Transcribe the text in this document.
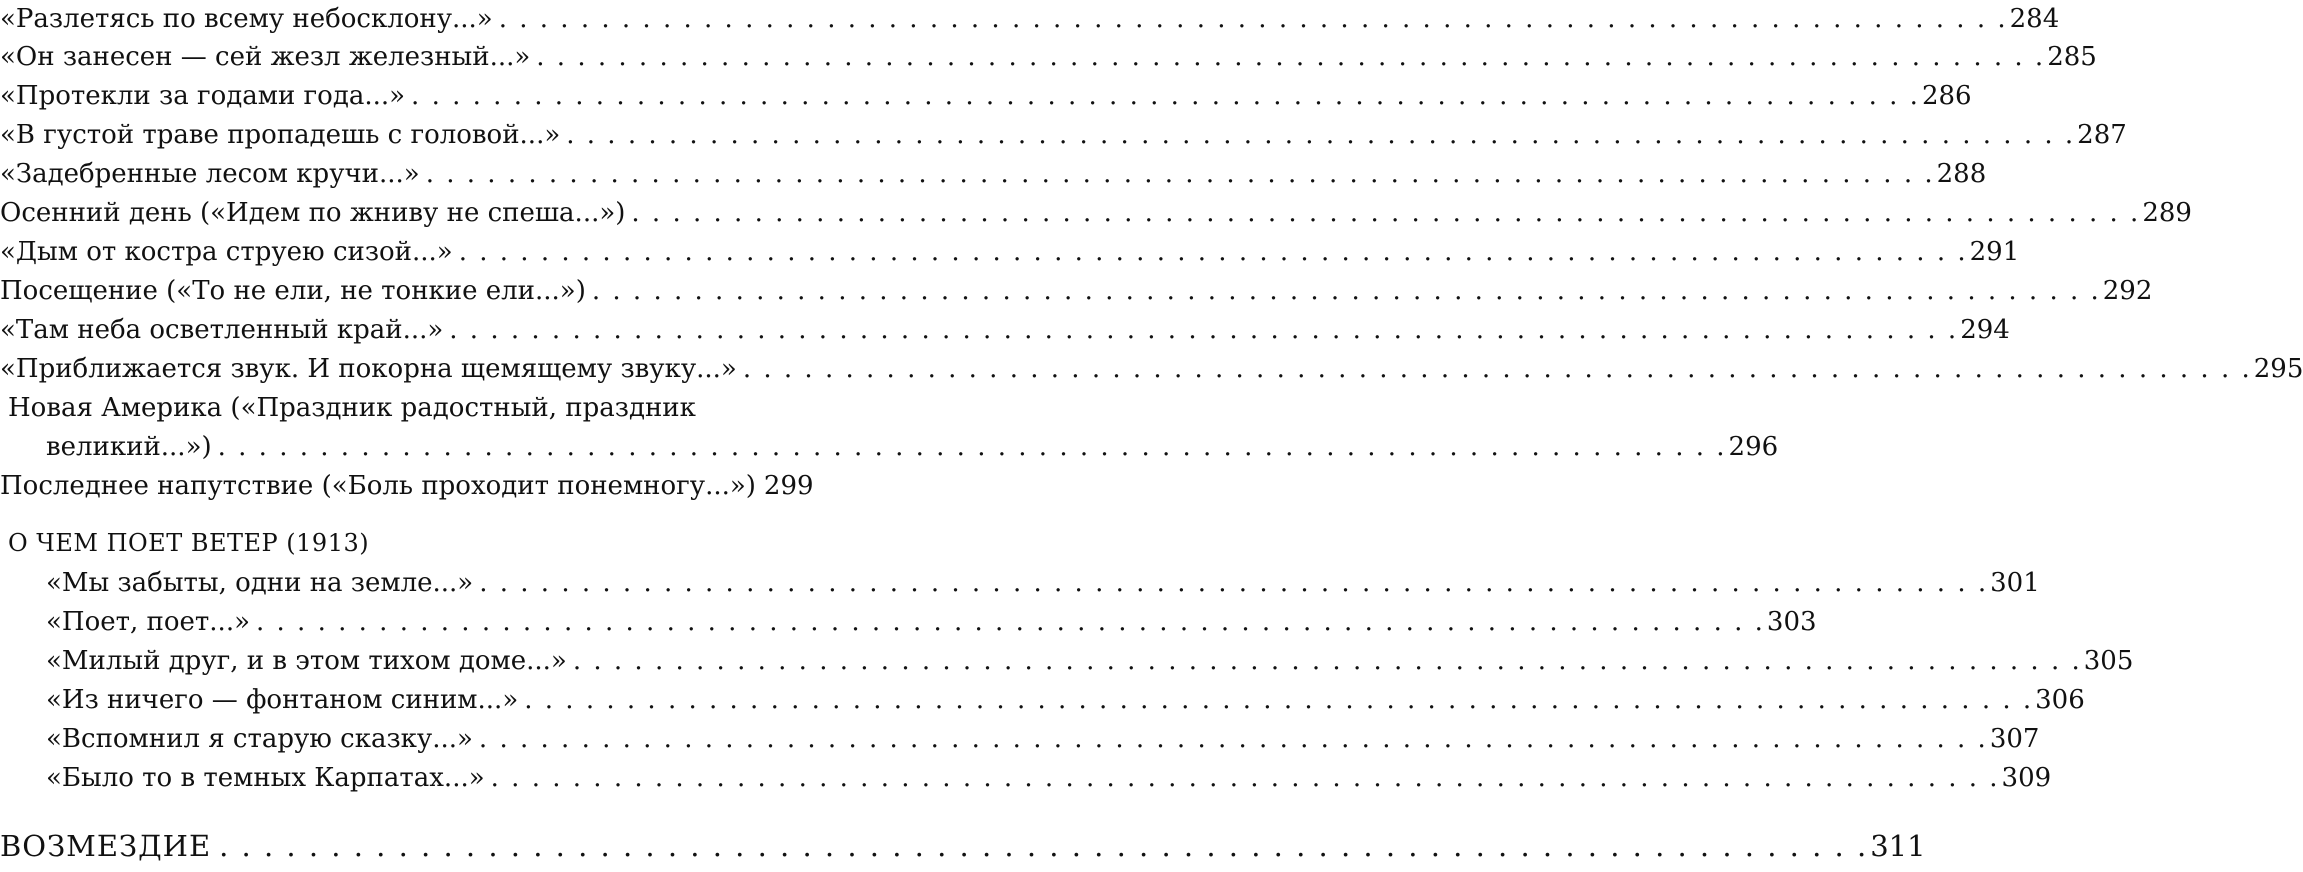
«Разлетясь по всему небосклону...» . . . . . . . . . . . . . . . . . . . . . . . . . . . . . . . . . . . . . . . . . . . . . . . . . . . . . . . . . . . . . . . . . . . . . . . . . . 284
«Он занесен — сей жезл железный...» . . . . . . . . . . . . . . . . . . . . . . . . . . . . . . . . . . . . . . . . . . . . . . . . . . . . . . . . . . . . . . . . . . . . . . . . . . 285
«Протекли за годами года...» . . . . . . . . . . . . . . . . . . . . . . . . . . . . . . . . . . . . . . . . . . . . . . . . . . . . . . . . . . . . . . . . . . . . . . . . . . 286
«В густой траве пропадешь с головой...» . . . . . . . . . . . . . . . . . . . . . . . . . . . . . . . . . . . . . . . . . . . . . . . . . . . . . . . . . . . . . . . . . . . . . . . . . . 287
«Задебренные лесом кручи...» . . . . . . . . . . . . . . . . . . . . . . . . . . . . . . . . . . . . . . . . . . . . . . . . . . . . . . . . . . . . . . . . . . . . . . . . . . 288
Осенний день («Идем по жниву не спеша...») . . . . . . . . . . . . . . . . . . . . . . . . . . . . . . . . . . . . . . . . . . . . . . . . . . . . . . . . . . . . . . . . . . . . . . . . . . 289
«Дым от костра струею сизой...» . . . . . . . . . . . . . . . . . . . . . . . . . . . . . . . . . . . . . . . . . . . . . . . . . . . . . . . . . . . . . . . . . . . . . . . . . . 291
Посещение («То не ели, не тонкие ели...») . . . . . . . . . . . . . . . . . . . . . . . . . . . . . . . . . . . . . . . . . . . . . . . . . . . . . . . . . . . . . . . . . . . . . . . . . . 292
«Там неба осветленный край...» . . . . . . . . . . . . . . . . . . . . . . . . . . . . . . . . . . . . . . . . . . . . . . . . . . . . . . . . . . . . . . . . . . . . . . . . . . 294
«Приближается звук. И покорна щемящему звуку...» . . . . . . . . . . . . . . . . . . . . . . . . . . . . . . . . . . . . . . . . . . . . . . . . . . . . . . . . . . . . . . . . . . . . . . . . . . 295
Новая Америка («Праздник радостный, праздник
великий...») . . . . . . . . . . . . . . . . . . . . . . . . . . . . . . . . . . . . . . . . . . . . . . . . . . . . . . . . . . . . . . . . . . . . . . . . . . 296
Последнее напутствие («Боль проходит понемногу...») 299
О ЧЕМ ПОЕТ ВЕТЕР (1913)
«Мы забыты, одни на земле...» . . . . . . . . . . . . . . . . . . . . . . . . . . . . . . . . . . . . . . . . . . . . . . . . . . . . . . . . . . . . . . . . . . . . . . . . . . 301
«Поет, поет...» . . . . . . . . . . . . . . . . . . . . . . . . . . . . . . . . . . . . . . . . . . . . . . . . . . . . . . . . . . . . . . . . . . . . . . . . . . 303
«Милый друг, и в этом тихом доме...» . . . . . . . . . . . . . . . . . . . . . . . . . . . . . . . . . . . . . . . . . . . . . . . . . . . . . . . . . . . . . . . . . . . . . . . . . . 305
«Из ничего — фонтаном синим...» . . . . . . . . . . . . . . . . . . . . . . . . . . . . . . . . . . . . . . . . . . . . . . . . . . . . . . . . . . . . . . . . . . . . . . . . . . 306
«Вспомнил я старую сказку...» . . . . . . . . . . . . . . . . . . . . . . . . . . . . . . . . . . . . . . . . . . . . . . . . . . . . . . . . . . . . . . . . . . . . . . . . . . 307
«Было то в темных Карпатах...» . . . . . . . . . . . . . . . . . . . . . . . . . . . . . . . . . . . . . . . . . . . . . . . . . . . . . . . . . . . . . . . . . . . . . . . . . . 309
ВОЗМЕЗДИЕ . . . . . . . . . . . . . . . . . . . . . . . . . . . . . . . . . . . . . . . . . . . . . . . . . . . . . . . . . . . . . . . . . . . . . . . . . . 311
